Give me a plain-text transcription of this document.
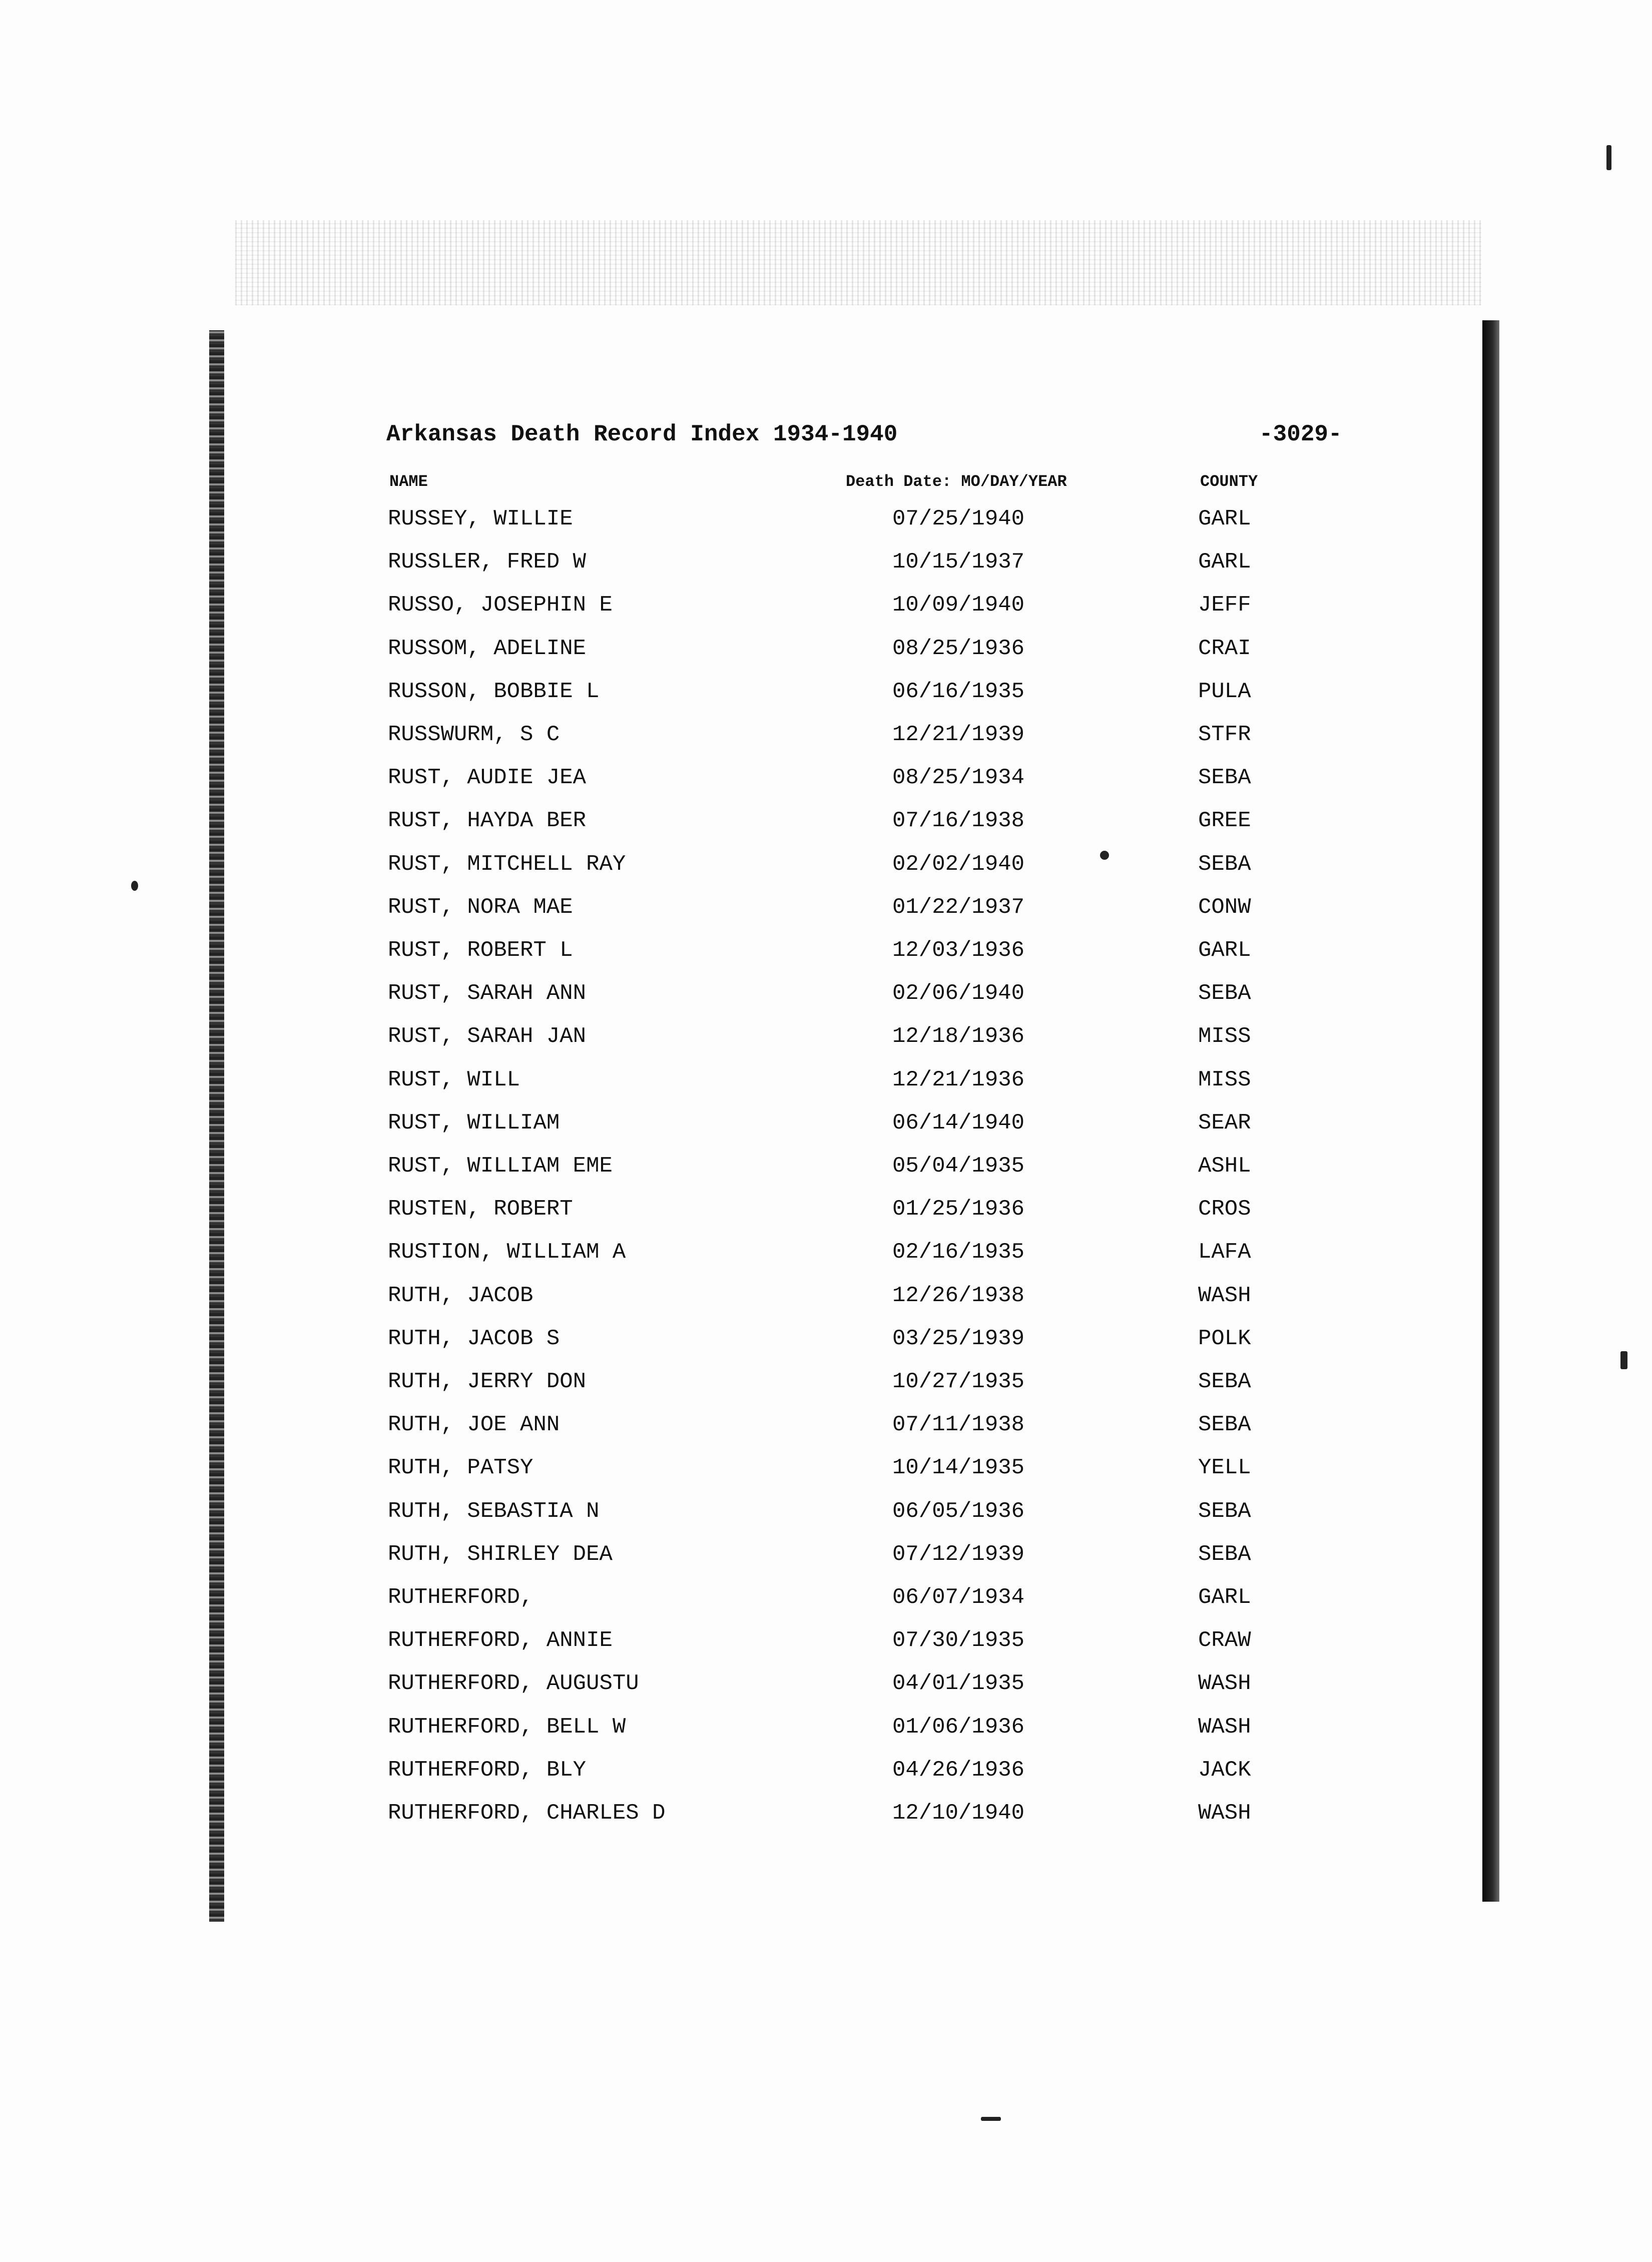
Arkansas Death Record Index 1934-1940	-3029-
NAME	Death Date: MO/DAY/YEAR	COUNTY
RUSSEY, WILLIE	07/25/1940	GARL
RUSSLER, FRED W	10/15/1937	GARL
RUSSO, JOSEPHIN E	10/09/1940	JEFF
RUSSOM, ADELINE	08/25/1936	CRAI
RUSSON, BOBBIE L	06/16/1935	PULA
RUSSWURM, S C	12/21/1939	STFR
RUST, AUDIE JEA	08/25/1934	SEBA
RUST, HAYDA BER	07/16/1938	GREE
RUST, MITCHELL RAY	02/02/1940	SEBA
RUST, NORA MAE	01/22/1937	CONW
RUST, ROBERT L	12/03/1936	GARL
RUST, SARAH ANN	02/06/1940	SEBA
RUST, SARAH JAN	12/18/1936	MISS
RUST, WILL	12/21/1936	MISS
RUST, WILLIAM	06/14/1940	SEAR
RUST, WILLIAM EME	05/04/1935	ASHL
RUSTEN, ROBERT	01/25/1936	CROS
RUSTION, WILLIAM A	02/16/1935	LAFA
RUTH, JACOB	12/26/1938	WASH
RUTH, JACOB S	03/25/1939	POLK
RUTH, JERRY DON	10/27/1935	SEBA
RUTH, JOE ANN	07/11/1938	SEBA
RUTH, PATSY	10/14/1935	YELL
RUTH, SEBASTIA N	06/05/1936	SEBA
RUTH, SHIRLEY DEA	07/12/1939	SEBA
RUTHERFORD,	06/07/1934	GARL
RUTHERFORD, ANNIE	07/30/1935	CRAW
RUTHERFORD, AUGUSTU	04/01/1935	WASH
RUTHERFORD, BELL W	01/06/1936	WASH
RUTHERFORD, BLY	04/26/1936	JACK
RUTHERFORD, CHARLES D	12/10/1940	WASH
